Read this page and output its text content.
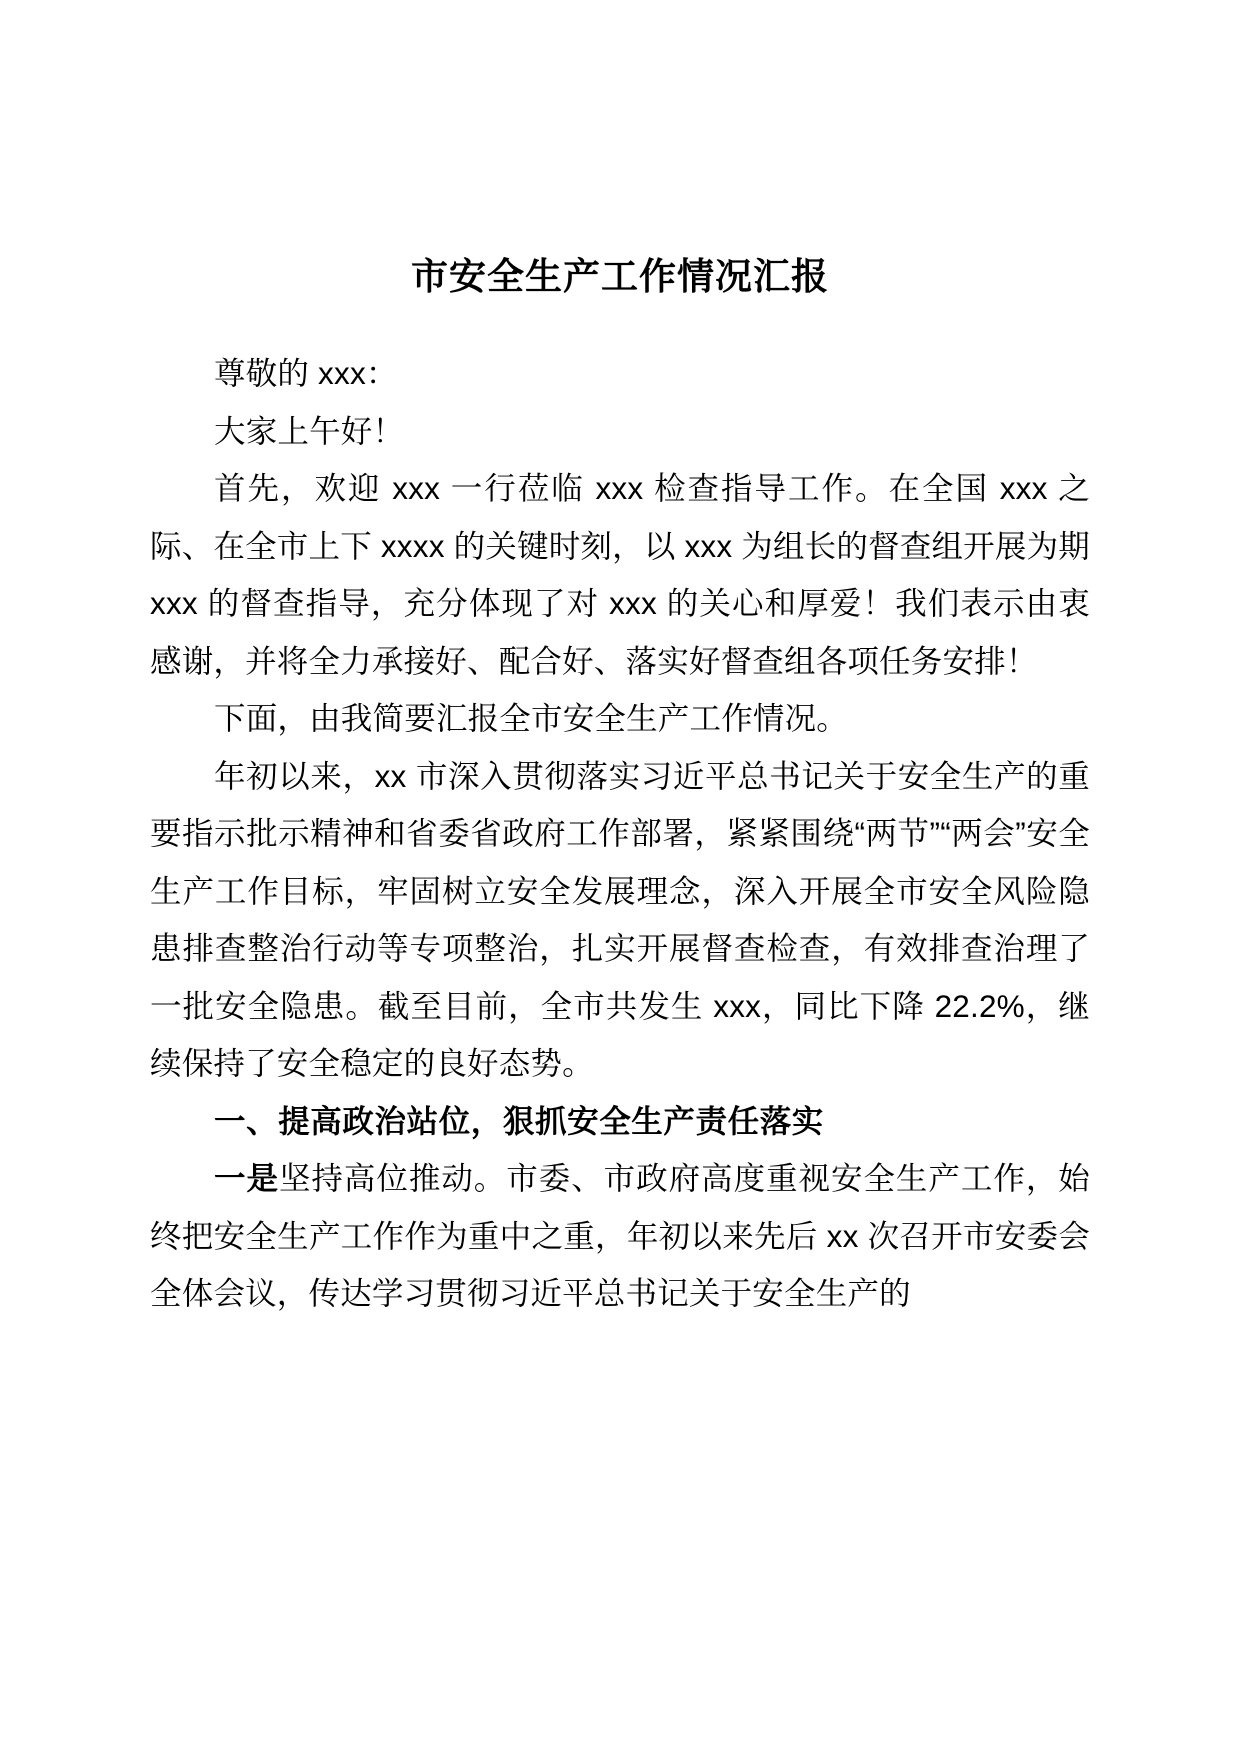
市安全生产工作情况汇报

尊敬的 xxx：

大家上午好！

首先，欢迎 xxx 一行莅临 xxx 检查指导工作。在全国 xxx 之际、在全市上下 xxxx 的关键时刻，以 xxx 为组长的督查组开展为期 xxx 的督查指导，充分体现了对 xxx 的关心和厚爱！我们表示由衷感谢，并将全力承接好、配合好、落实好督查组各项任务安排！

下面，由我简要汇报全市安全生产工作情况。

年初以来，xx 市深入贯彻落实习近平总书记关于安全生产的重要指示批示精神和省委省政府工作部署，紧紧围绕“两节”“两会”安全生产工作目标，牢固树立安全发展理念，深入开展全市安全风险隐患排查整治行动等专项整治，扎实开展督查检查，有效排查治理了一批安全隐患。截至目前，全市共发生 xxx，同比下降 22.2%，继续保持了安全稳定的良好态势。

一、提高政治站位，狠抓安全生产责任落实

一是坚持高位推动。市委、市政府高度重视安全生产工作，始终把安全生产工作作为重中之重，年初以来先后 xx 次召开市安委会全体会议，传达学习贯彻习近平总书记关于安全生产的
